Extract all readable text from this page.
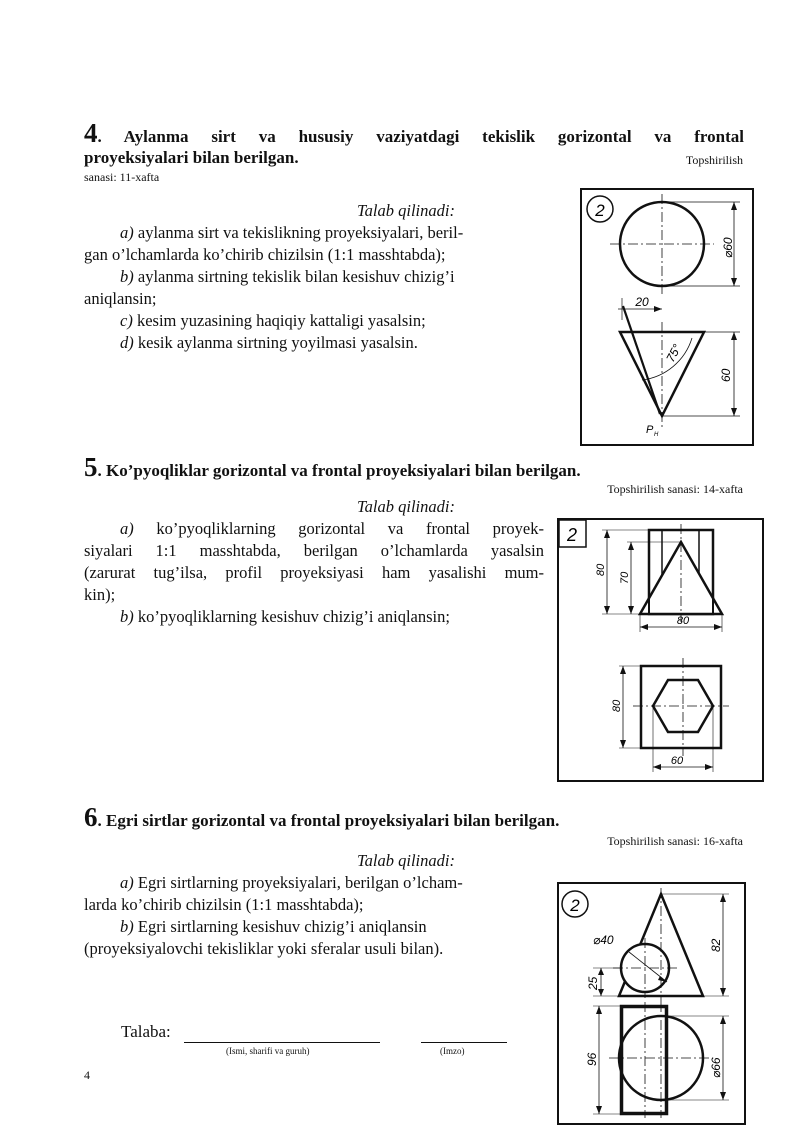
4. Aylanma sirt va hususiy vaziyatdagi tekislik gorizontal va frontal
proyeksiyalari bilan berilgan.	Topshirilish
sanasi: 11-xafta
Talab qilinadi:
a) aylanma sirt va tekislikning proyeksiyalari, beril-
gan o’lchamlarda ko’chirib chizilsin (1:1 masshtabda);
b) aylanma sirtning tekislik bilan kesishuv chizig’i
aniqlansin;
c) kesim yuzasining haqiqiy kattaligi yasalsin;
d) kesik aylanma sirtning yoyilmasi yasalsin.
2
⌀60
20
75°
60
P H
5. Ko’pyoqliklar gorizontal va frontal proyeksiyalari bilan berilgan.
Topshirilish sanasi: 14-xafta
Talab qilinadi:
a) ko’pyoqliklarning gorizontal va frontal proyek-
siyalari 1:1 masshtabda, berilgan o’lchamlarda yasalsin
(zarurat tug’ilsa, profil proyeksiyasi ham yasalishi mum-
kin);
b) ko’pyoqliklarning kesishuv chizig’i aniqlansin;
2
80
70
80
80
60
6. Egri sirtlar gorizontal va frontal proyeksiyalari bilan berilgan.
Topshirilish sanasi: 16-xafta
Talab qilinadi:
a) Egri sirtlarning proyeksiyalari, berilgan o’lcham-
larda ko’chirib chizilsin (1:1 masshtabda);
b) Egri sirtlarning kesishuv chizig’i aniqlansin
(proyeksiyalovchi tekisliklar yoki sferalar usuli bilan).
2
⌀40
25
82
96	⌀66
Talaba:
(Ismi, sharifi va guruh)	(Imzo)
4
